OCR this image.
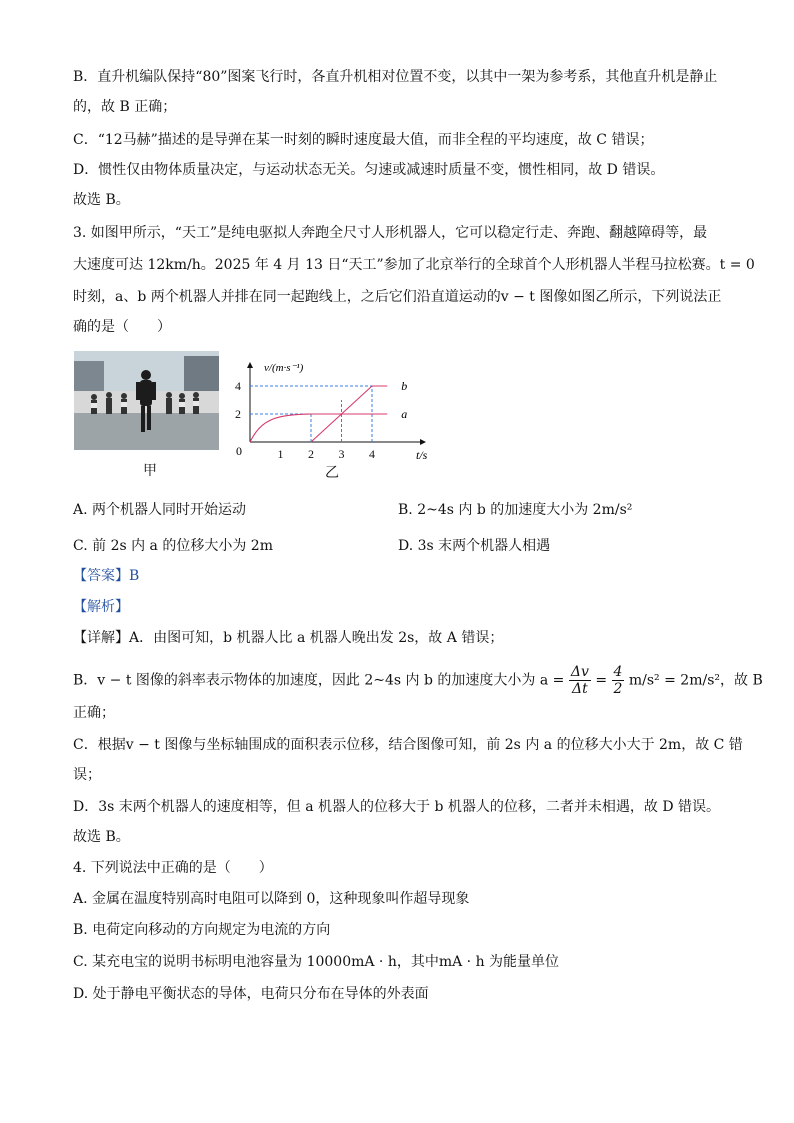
B．直升机编队保持“80”图案飞行时，各直升机相对位置不变，以其中一架为参考系，其他直升机是静止
的，故 B 正确；
C．“12马赫”描述的是导弹在某一时刻的瞬时速度最大值，而非全程的平均速度，故 C 错误；
D．惯性仅由物体质量决定，与运动状态无关。匀速或减速时质量不变，惯性相同，故 D 错误。
故选 B。
3. 如图甲所示，“天工”是纯电驱拟人奔跑全尺寸人形机器人，它可以稳定行走、奔跑、翻越障碍等，最
大速度可达 12km/h。2025 年 4 月 13 日“天工”参加了北京举行的全球首个人形机器人半程马拉松赛。t = 0
时刻，a、b 两个机器人并排在同一起跑线上，之后它们沿直道运动的v − t 图像如图乙所示，下列说法正
确的是（　　）
甲
a
b
1 2 3 4
2
4
v/(m·s⁻¹)
t/s
0
乙
A. 两个机器人同时开始运动	B. 2~4s 内 b 的加速度大小为 2m/s²
C. 前 2s 内 a 的位移大小为 2m	D. 3s 末两个机器人相遇
【答案】B
【解析】
【详解】A．由图可知，b 机器人比 a 机器人晚出发 2s，故 A 错误；
B．v − t 图像的斜率表示物体的加速度，因此 2~4s 内 b 的加速度大小为 $a = \frac{\Delta v}{\Delta t} = \frac{4}{2} m/s^2 = 2m/s^2$，故 B
正确；
C．根据v − t 图像与坐标轴围成的面积表示位移，结合图像可知，前 2s 内 a 的位移大小大于 2m，故 C 错
误；
D．3s 末两个机器人的速度相等，但 a 机器人的位移大于 b 机器人的位移，二者并未相遇，故 D 错误。
故选 B。
4. 下列说法中正确的是（　　）
A. 金属在温度特别高时电阻可以降到 0，这种现象叫作超导现象
B. 电荷定向移动的方向规定为电流的方向
C. 某充电宝的说明书标明电池容量为 10000mA · h，其中mA · h 为能量单位
D. 处于静电平衡状态的导体，电荷只分布在导体的外表面
